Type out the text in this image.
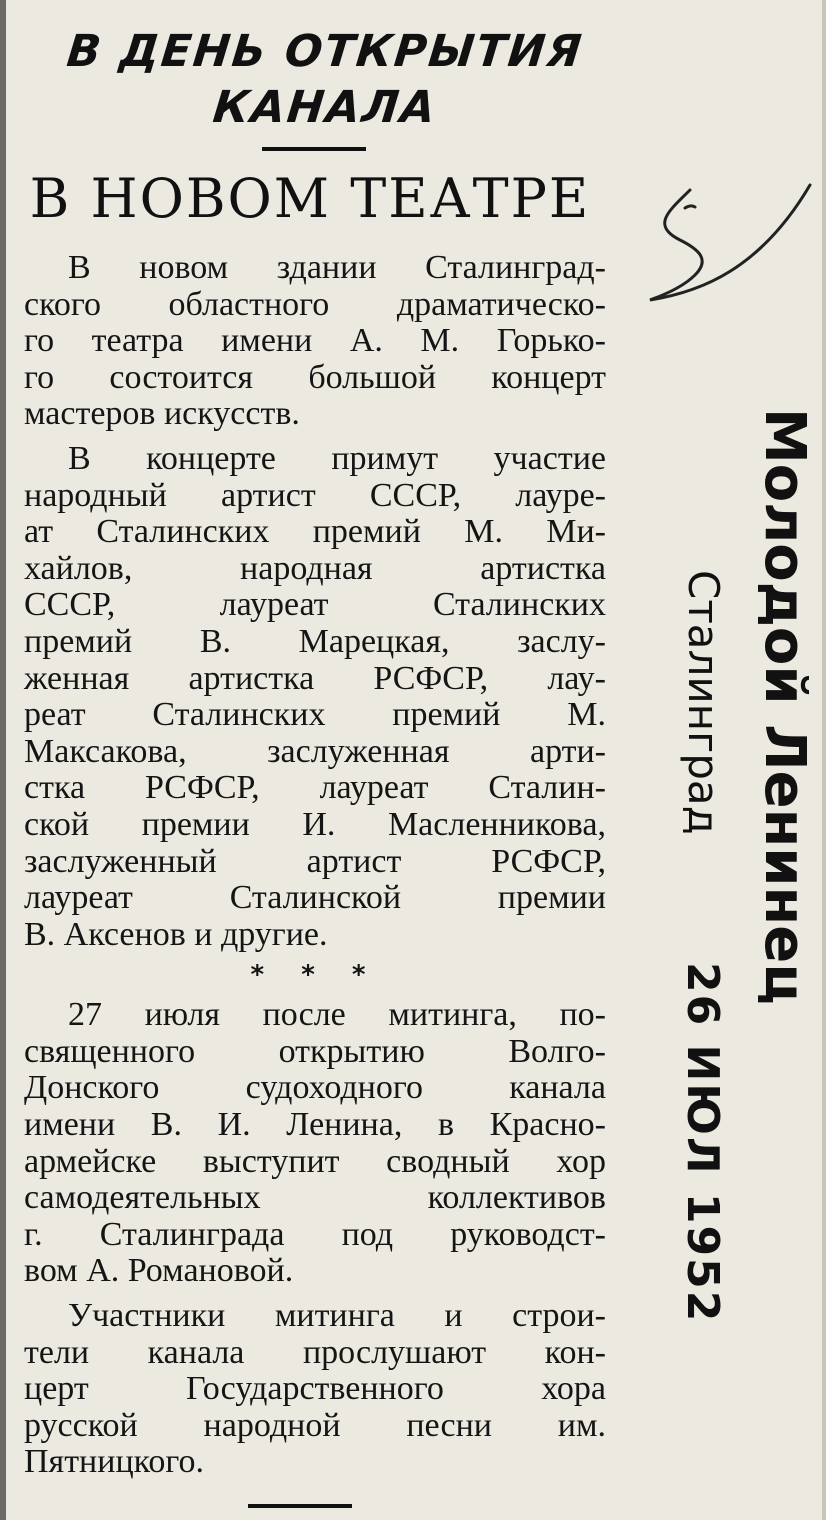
В ДЕНЬ ОТКРЫТИЯ
КАНАЛА
В НОВОМ ТЕАТРЕ
В новом здании Сталинград-
ского областного драматическо-
го театра имени А. М. Горько-
го состоится большой концерт
мастеров искусств.
В концерте примут участие
народный артист СССР, лауре-
ат Сталинских премий М. Ми-
хайлов, народная артистка
СССР, лауреат Сталинских
премий В. Марецкая, заслу-
женная артистка РСФСР, лау-
реат Сталинских премий М.
Максакова, заслуженная арти-
стка РСФСР, лауреат Сталин-
ской премии И. Масленникова,
заслуженный артист РСФСР,
лауреат Сталинской премии
В. Аксенов и другие.
* * *
27 июля после митинга, по-
священного открытию Волго-
Донского судоходного канала
имени В. И. Ленина, в Красно-
армейске выступит сводный хор
самодеятельных коллективов
г. Сталинграда под руководст-
вом А. Романовой.
Участники митинга и строи-
тели канала прослушают кон-
церт Государственного хора
русской народной песни им.
Пятницкого.
Молодой Ленинец
Сталинград
26 ИЮЛ 1952
